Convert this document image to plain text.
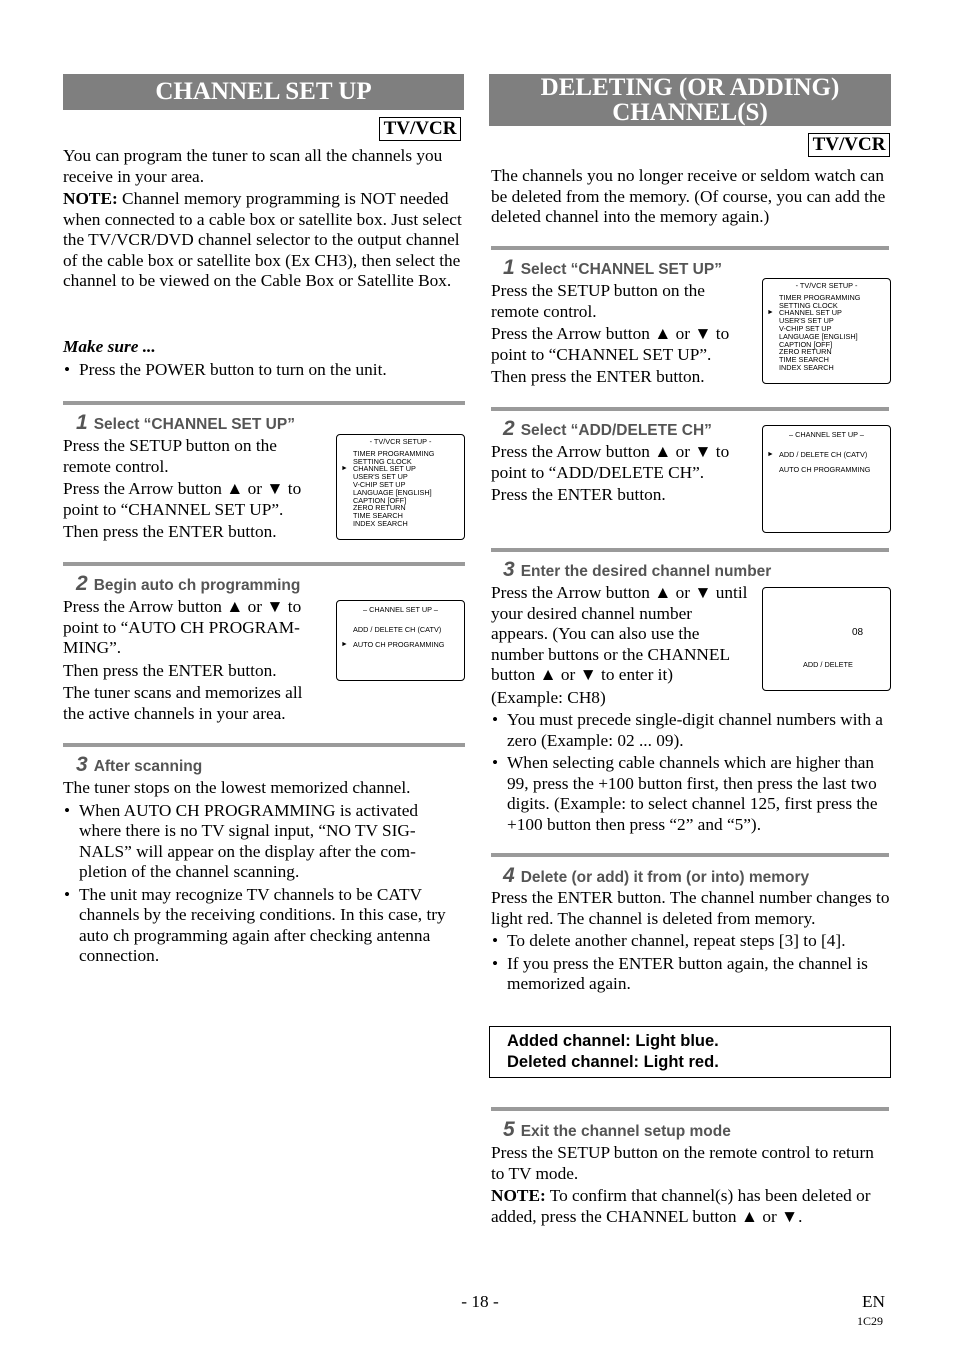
CHANNEL SET UP
TV/VCR
You can program the tuner to scan all the channels you receive in your area.
NOTE: Channel memory programming is NOT needed when connected to a cable box or satellite box. Just select the TV/VCR/DVD channel selector to the output channel of the cable box or satellite box (Ex CH3), then select the channel to be viewed on the Cable Box or Satellite Box.
Make sure ...
• Press the POWER button to turn on the unit.
1 Select “CHANNEL SET UP”
Press the SETUP button on the remote control.
Press the Arrow button ▲ or ▼ to point to “CHANNEL SET UP”.
Then press the ENTER button.
- TV/VCR SETUP -
TIMER PROGRAMMING
SETTING CLOCK
► CHANNEL SET UP
USER'S SET UP
V-CHIP SET UP
LANGUAGE [ENGLISH]
CAPTION [OFF]
ZERO RETURN
TIME SEARCH
INDEX SEARCH
2 Begin auto ch programming
Press the Arrow button ▲ or ▼ to point to “AUTO CH PROGRAM-MING”.
Then press the ENTER button.
The tuner scans and memorizes all the active channels in your area.
– CHANNEL SET UP –
ADD / DELETE CH (CATV)
► AUTO CH PROGRAMMING
3 After scanning
The tuner stops on the lowest memorized channel.
• When AUTO CH PROGRAMMING is activated where there is no TV signal input, “NO TV SIG-NALS” will appear on the display after the com-pletion of the channel scanning.
• The unit may recognize TV channels to be CATV channels by the receiving conditions. In this case, try auto ch programming again after checking antenna connection.
DELETING (OR ADDING)
CHANNEL(S)
TV/VCR
The channels you no longer receive or seldom watch can be deleted from the memory. (Of course, you can add the deleted channel into the memory again.)
1 Select “CHANNEL SET UP”
Press the SETUP button on the remote control.
Press the Arrow button ▲ or ▼ to point to “CHANNEL SET UP”.
Then press the ENTER button.
- TV/VCR SETUP -
TIMER PROGRAMMING
SETTING CLOCK
► CHANNEL SET UP
USER'S SET UP
V-CHIP SET UP
LANGUAGE [ENGLISH]
CAPTION [OFF]
ZERO RETURN
TIME SEARCH
INDEX SEARCH
2 Select “ADD/DELETE CH”
Press the Arrow button ▲ or ▼ to point to “ADD/DELETE CH”.
Press the ENTER button.
– CHANNEL SET UP –
► ADD / DELETE CH (CATV)
AUTO CH PROGRAMMING
3 Enter the desired channel number
Press the Arrow button ▲ or ▼ until your desired channel number appears. (You can also use the number buttons or the CHANNEL button ▲ or ▼ to enter it)
(Example: CH8)
08
ADD / DELETE
• You must precede single-digit channel numbers with a zero (Example: 02 ... 09).
• When selecting cable channels which are higher than 99, press the +100 button first, then press the last two digits. (Example: to select channel 125, first press the +100 button then press “2” and “5”).
4 Delete (or add) it from (or into) memory
Press the ENTER button. The channel number changes to light red. The channel is deleted from memory.
• To delete another channel, repeat steps [3] to [4].
• If you press the ENTER button again, the channel is memorized again.
Added channel: Light blue.
Deleted channel: Light red.
5 Exit the channel setup mode
Press the SETUP button on the remote control to return to TV mode.
NOTE: To confirm that channel(s) has been deleted or added, press the CHANNEL button ▲ or ▼.
- 18 -	EN
1C29
